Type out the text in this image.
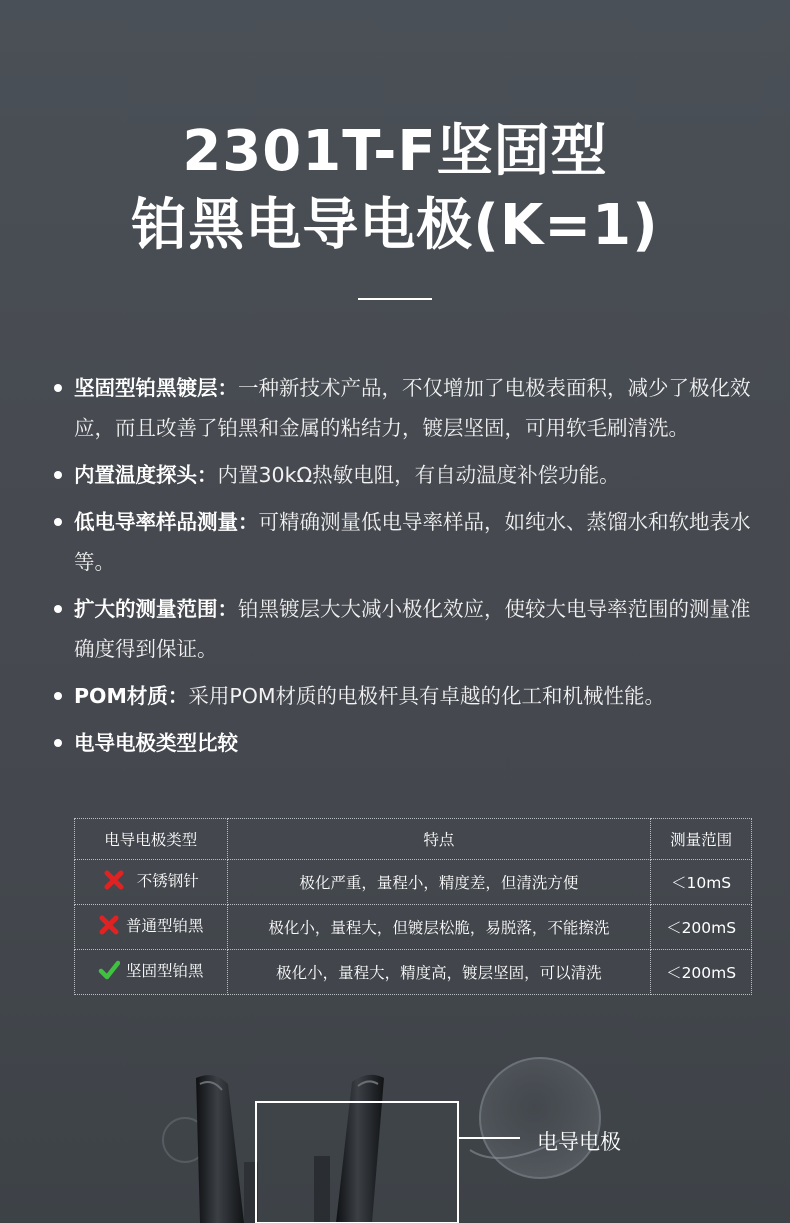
2301T-F坚固型
铂黑电导电极(K=1)
坚固型铂黑镀层：一种新技术产品，不仅增加了电极表面积，减少了极化效应，而且改善了铂黑和金属的粘结力，镀层坚固，可用软毛刷清洗。
内置温度探头：内置30kΩ热敏电阻，有自动温度补偿功能。
低电导率样品测量：可精确测量低电导率样品，如纯水、蒸馏水和软地表水等。
扩大的测量范围：铂黑镀层大大减小极化效应，使较大电导率范围的测量准确度得到保证。
POM材质：采用POM材质的电极杆具有卓越的化工和机械性能。
电导电极类型比较
电导电极类型	特点	测量范围

不锈钢针	极化严重，量程小，精度差，但清洗方便	＜10mS

普通型铂黑	极化小，量程大，但镀层松脆，易脱落，不能擦洗	＜200mS

坚固型铂黑	极化小，量程大，精度高，镀层坚固，可以清洗	＜200mS
电导电极
